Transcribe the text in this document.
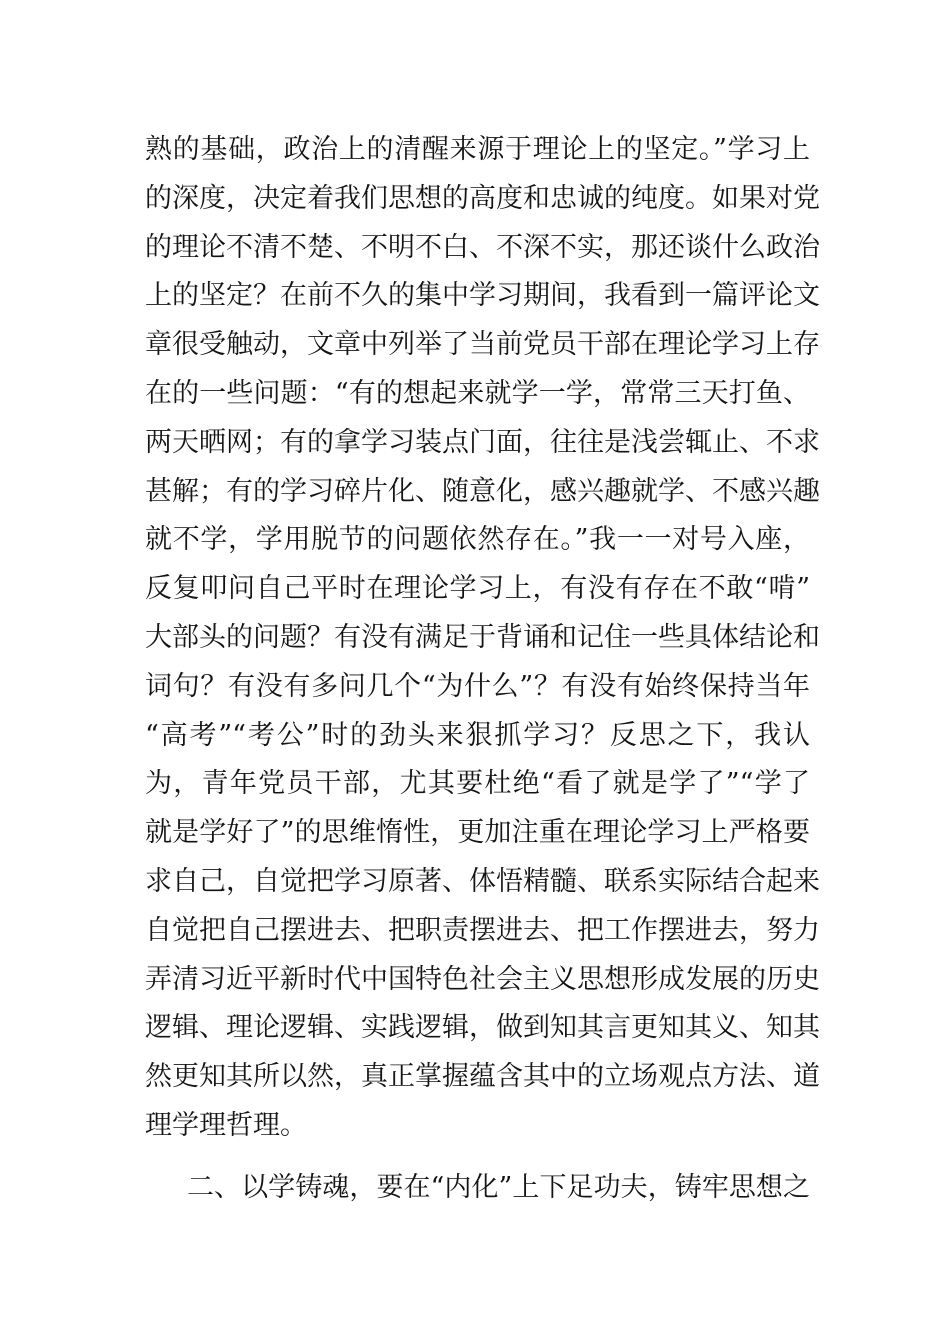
熟的基础，政治上的清醒来源于理论上的坚定。”学习上
的深度，决定着我们思想的高度和忠诚的纯度。如果对党
的理论不清不楚、不明不白、不深不实，那还谈什么政治
上的坚定？在前不久的集中学习期间，我看到一篇评论文
章很受触动，文章中列举了当前党员干部在理论学习上存
在的一些问题：“有的想起来就学一学，常常三天打鱼、
两天晒网；有的拿学习装点门面，往往是浅尝辄止、不求
甚解；有的学习碎片化、随意化，感兴趣就学、不感兴趣
就不学，学用脱节的问题依然存在。”我一一对号入座，
反复叩问自己平时在理论学习上，有没有存在不敢“啃”
大部头的问题？有没有满足于背诵和记住一些具体结论和
词句？有没有多问几个“为什么”？有没有始终保持当年
“高考”“考公”时的劲头来狠抓学习？反思之下，我认
为，青年党员干部，尤其要杜绝“看了就是学了”“学了
就是学好了”的思维惰性，更加注重在理论学习上严格要
求自己，自觉把学习原著、体悟精髓、联系实际结合起来
自觉把自己摆进去、把职责摆进去、把工作摆进去，努力
弄清习近平新时代中国特色社会主义思想形成发展的历史
逻辑、理论逻辑、实践逻辑，做到知其言更知其义、知其
然更知其所以然，真正掌握蕴含其中的立场观点方法、道
理学理哲理。
二、以学铸魂，要在“内化”上下足功夫，铸牢思想之
